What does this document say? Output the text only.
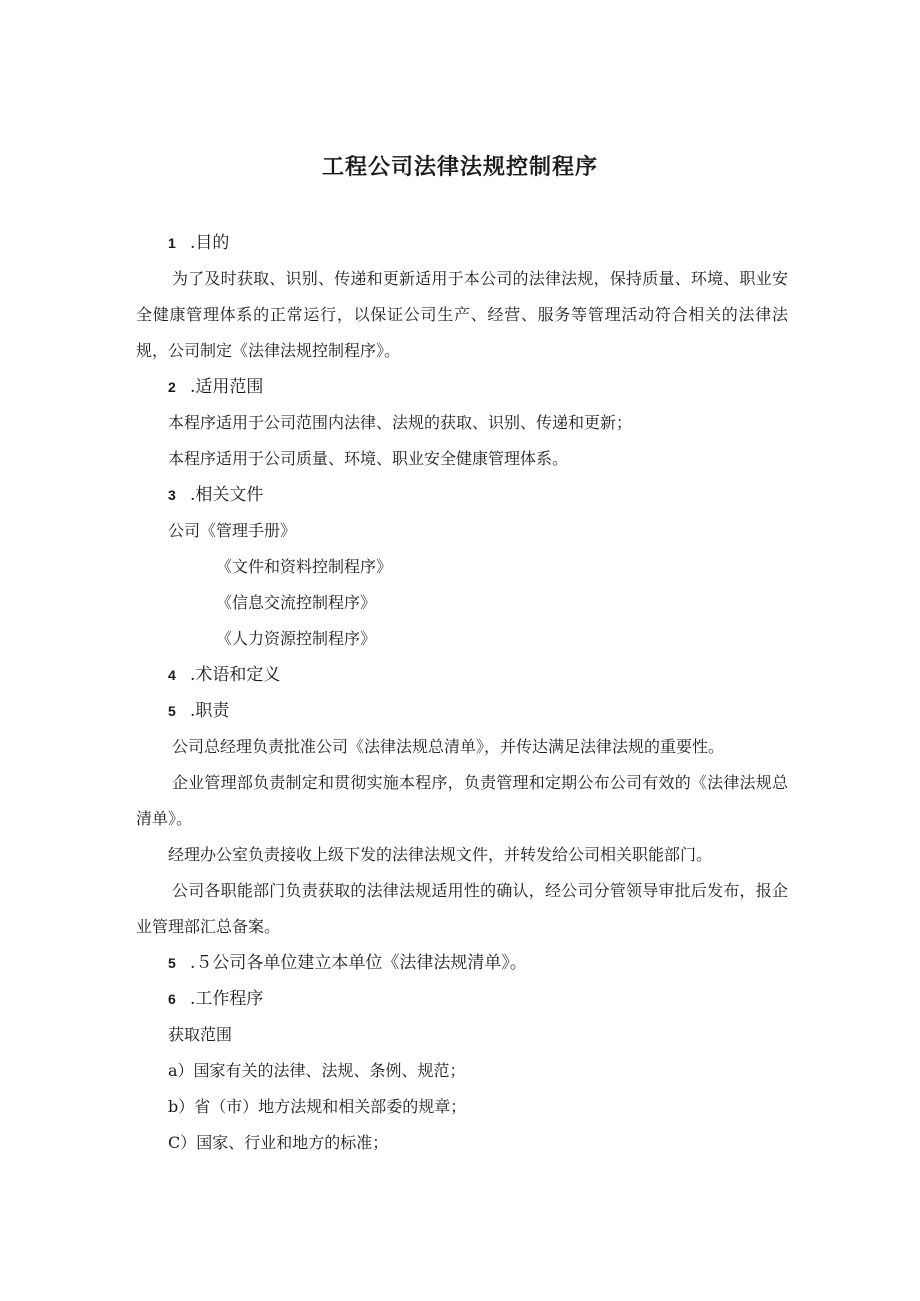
工程公司法律法规控制程序

1 .目的

为了及时获取、识别、传递和更新适用于本公司的法律法规，保持质量、环境、职业安全健康管理体系的正常运行，以保证公司生产、经营、服务等管理活动符合相关的法律法规，公司制定《法律法规控制程序》。

2 .适用范围

本程序适用于公司范围内法律、法规的获取、识别、传递和更新；

本程序适用于公司质量、环境、职业安全健康管理体系。

3 .相关文件

公司《管理手册》

《文件和资料控制程序》

《信息交流控制程序》

《人力资源控制程序》

4 .术语和定义

5 .职责

公司总经理负责批准公司《法律法规总清单》，并传达满足法律法规的重要性。

企业管理部负责制定和贯彻实施本程序，负责管理和定期公布公司有效的《法律法规总清单》。

经理办公室负责接收上级下发的法律法规文件，并转发给公司相关职能部门。

公司各职能部门负责获取的法律法规适用性的确认，经公司分管领导审批后发布，报企业管理部汇总备案。

5 .５公司各单位建立本单位《法律法规清单》。

6 .工作程序

获取范围

a）国家有关的法律、法规、条例、规范；

b）省（市）地方法规和相关部委的规章；

C）国家、行业和地方的标准；
